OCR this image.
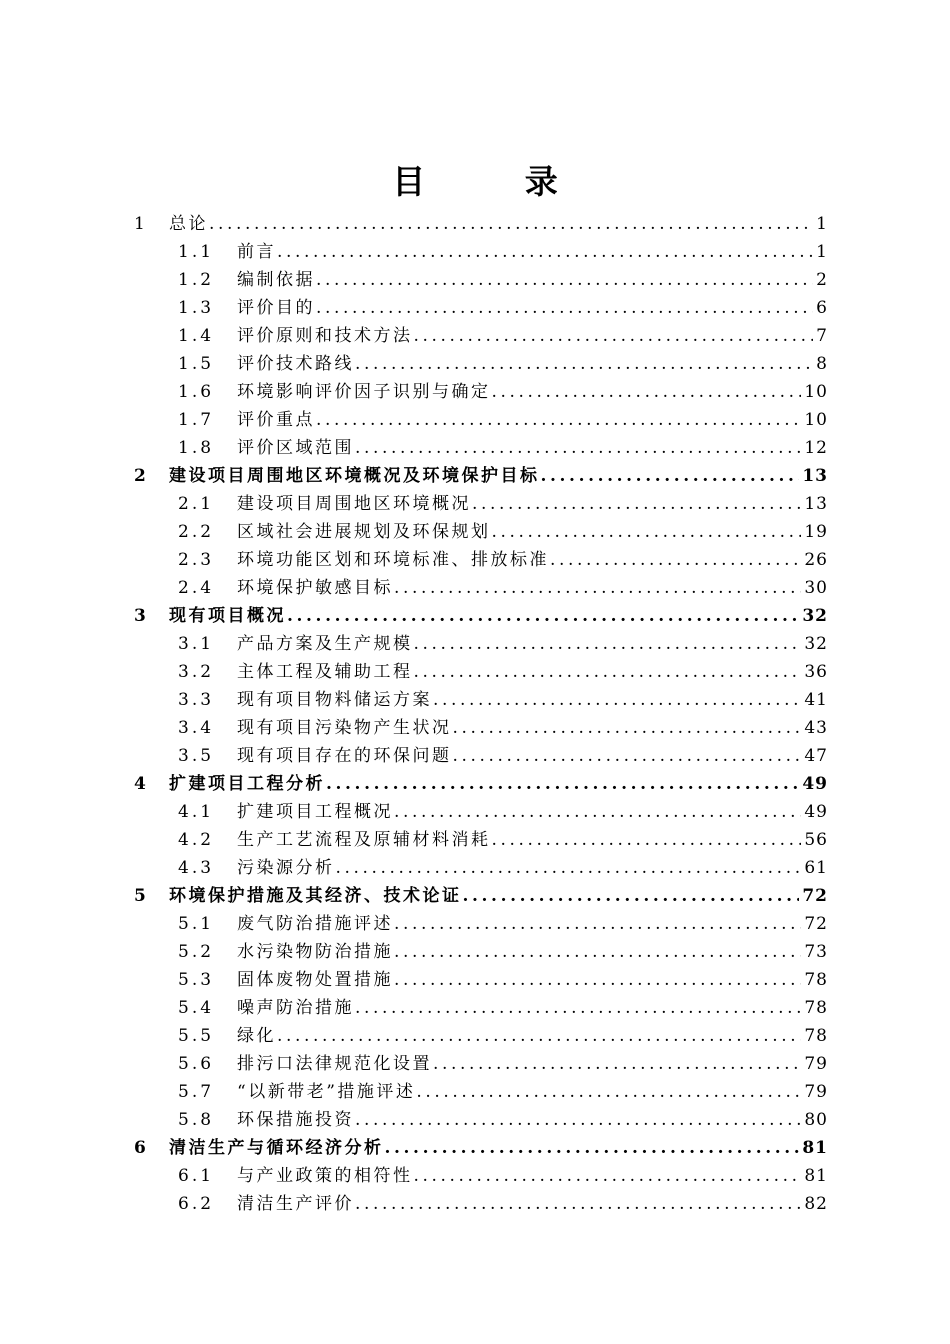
目 录
1	总论 .....	1
1.1	前言 .....	1
1.2	编制依据 .....	2
1.3	评价目的 .....	6
1.4	评价原则和技术方法 .....	7
1.5	评价技术路线 .....	8
1.6	环境影响评价因子识别与确定 .....	10
1.7	评价重点 .....	10
1.8	评价区域范围 .....	12
2	建设项目周围地区环境概况及环境保护目标 .....	13
2.1	建设项目周围地区环境概况 .....	13
2.2	区域社会进展规划及环保规划 .....	19
2.3	环境功能区划和环境标准、排放标准 .....	26
2.4	环境保护敏感目标 .....	30
3	现有项目概况 .....	32
3.1	产品方案及生产规模 .....	32
3.2	主体工程及辅助工程 .....	36
3.3	现有项目物料储运方案 .....	41
3.4	现有项目污染物产生状况 .....	43
3.5	现有项目存在的环保问题 .....	47
4	扩建项目工程分析 .....	49
4.1	扩建项目工程概况 .....	49
4.2	生产工艺流程及原辅材料消耗 .....	56
4.3	污染源分析 .....	61
5	环境保护措施及其经济、技术论证 .....	72
5.1	废气防治措施评述 .....	72
5.2	水污染物防治措施 .....	73
5.3	固体废物处置措施 .....	78
5.4	噪声防治措施 .....	78
5.5	绿化 .....	78
5.6	排污口法律规范化设置 .....	79
5.7	“以新带老”措施评述 .....	79
5.8	环保措施投资 .....	80
6	清洁生产与循环经济分析 .....	81
6.1	与产业政策的相符性 .....	81
6.2	清洁生产评价 .....	82
